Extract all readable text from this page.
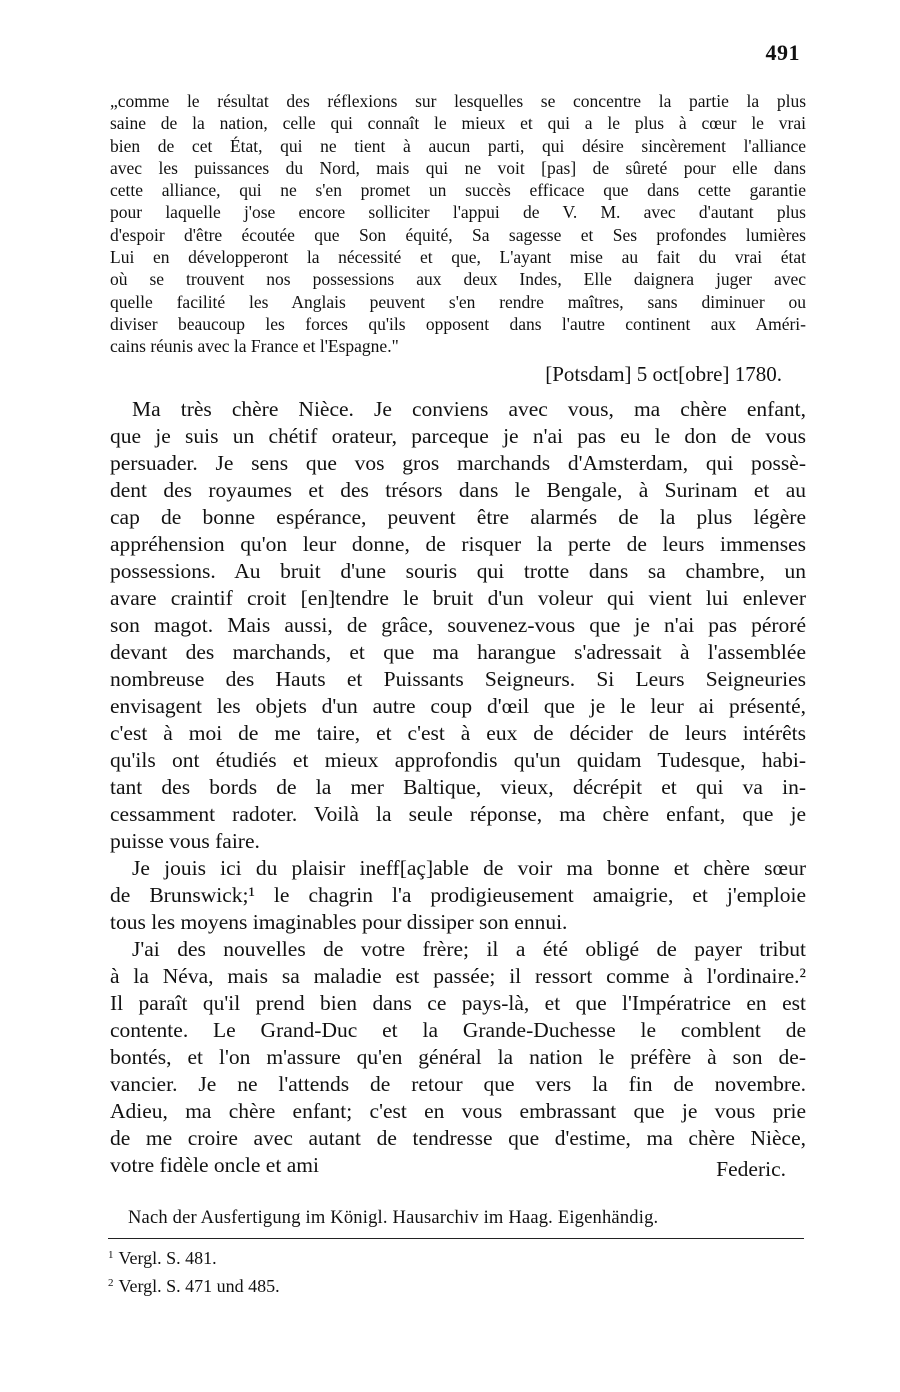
491
„comme le résultat des réflexions sur lesquelles se concentre la partie la plus
saine de la nation, celle qui connaît le mieux et qui a le plus à cœur le vrai
bien de cet État, qui ne tient à aucun parti, qui désire sincèrement l'alliance
avec les puissances du Nord, mais qui ne voit [pas] de sûreté pour elle dans
cette alliance, qui ne s'en promet un succès efficace que dans cette garantie
pour laquelle j'ose encore solliciter l'appui de V. M. avec d'autant plus
d'espoir d'être écoutée que Son équité, Sa sagesse et Ses profondes lumières
Lui en développeront la nécessité et que, L'ayant mise au fait du vrai état
où se trouvent nos possessions aux deux Indes, Elle daignera juger avec
quelle facilité les Anglais peuvent s'en rendre maîtres, sans diminuer ou
diviser beaucoup les forces qu'ils opposent dans l'autre continent aux Améri-
cains réunis avec la France et l'Espagne."
[Potsdam] 5 oct[obre] 1780.
Ma très chère Nièce. Je conviens avec vous, ma chère enfant,
que je suis un chétif orateur, parceque je n'ai pas eu le don de vous
persuader. Je sens que vos gros marchands d'Amsterdam, qui possè-
dent des royaumes et des trésors dans le Bengale, à Surinam et au
cap de bonne espérance, peuvent être alarmés de la plus légère
appréhension qu'on leur donne, de risquer la perte de leurs immenses
possessions. Au bruit d'une souris qui trotte dans sa chambre, un
avare craintif croit [en]tendre le bruit d'un voleur qui vient lui enlever
son magot. Mais aussi, de grâce, souvenez-vous que je n'ai pas péroré
devant des marchands, et que ma harangue s'adressait à l'assemblée
nombreuse des Hauts et Puissants Seigneurs. Si Leurs Seigneuries
envisagent les objets d'un autre coup d'œil que je le leur ai présenté,
c'est à moi de me taire, et c'est à eux de décider de leurs intérêts
qu'ils ont étudiés et mieux approfondis qu'un quidam Tudesque, habi-
tant des bords de la mer Baltique, vieux, décrépit et qui va in-
cessamment radoter. Voilà la seule réponse, ma chère enfant, que je
puisse vous faire.
Je jouis ici du plaisir ineff[aç]able de voir ma bonne et chère sœur
de Brunswick;¹ le chagrin l'a prodigieusement amaigrie, et j'emploie
tous les moyens imaginables pour dissiper son ennui.
J'ai des nouvelles de votre frère; il a été obligé de payer tribut
à la Néva, mais sa maladie est passée; il ressort comme à l'ordinaire.²
Il paraît qu'il prend bien dans ce pays-là, et que l'Impératrice en est
contente. Le Grand-Duc et la Grande-Duchesse le comblent de
bontés, et l'on m'assure qu'en général la nation le préfère à son de-
vancier. Je ne l'attends de retour que vers la fin de novembre.
Adieu, ma chère enfant; c'est en vous embrassant que je vous prie
de me croire avec autant de tendresse que d'estime, ma chère Nièce,
votre fidèle oncle et ami	Federic.
Nach der Ausfertigung im Königl. Hausarchiv im Haag. Eigenhändig.
$^1$ Vergl. S. 481.
$^2$ Vergl. S. 471 und 485.
